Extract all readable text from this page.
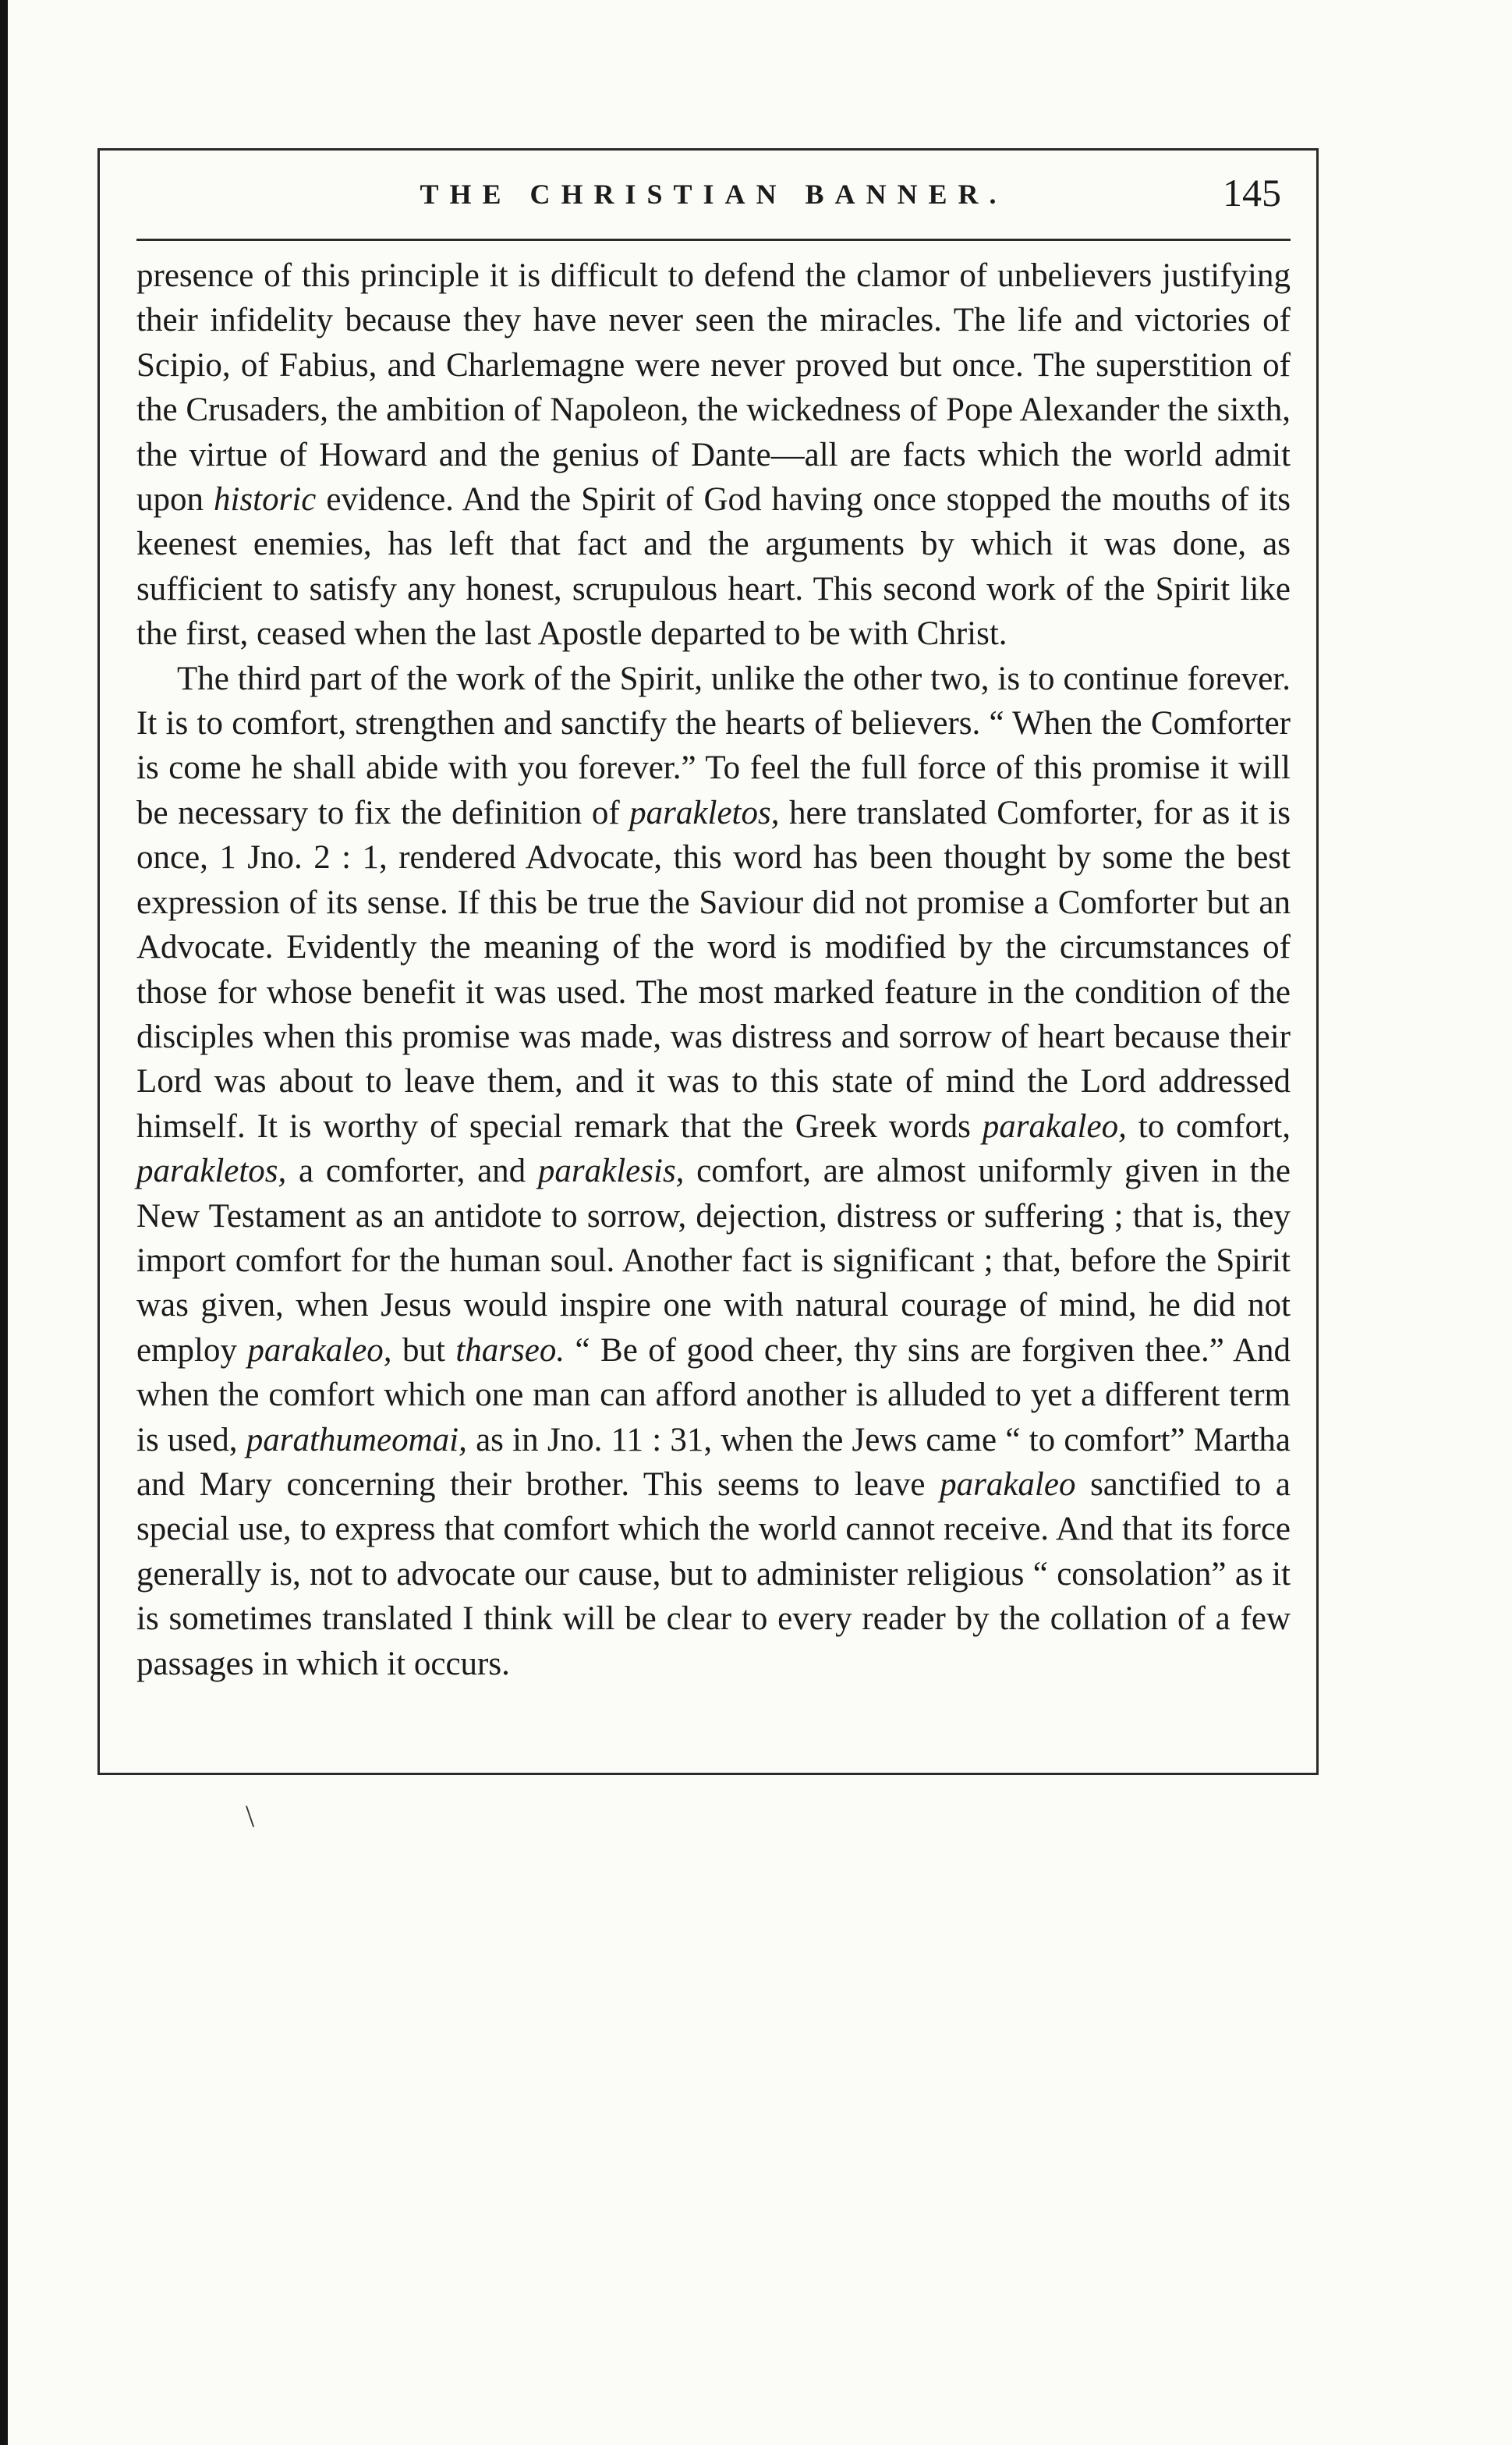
THE CHRISTIAN BANNER.	145

presence of this principle it is difficult to defend the clamor of unbelievers justifying their infidelity because they have never seen the miracles. The life and victories of Scipio, of Fabius, and Charlemagne were never proved but once. The superstition of the Crusaders, the ambition of Napoleon, the wickedness of Pope Alexander the sixth, the virtue of Howard and the genius of Dante—all are facts which the world admit upon historic evidence. And the Spirit of God having once stopped the mouths of its keenest enemies, has left that fact and the arguments by which it was done, as sufficient to satisfy any honest, scrupulous heart. This second work of the Spirit like the first, ceased when the last Apostle departed to be with Christ.

The third part of the work of the Spirit, unlike the other two, is to continue forever. It is to comfort, strengthen and sanctify the hearts of believers. “ When the Comforter is come he shall abide with you forever.” To feel the full force of this promise it will be necessary to fix the definition of parakletos, here translated Comforter, for as it is once, 1 Jno. 2 : 1, rendered Advocate, this word has been thought by some the best expression of its sense. If this be true the Saviour did not promise a Comforter but an Advocate. Evidently the meaning of the word is modified by the circumstances of those for whose benefit it was used. The most marked feature in the condition of the disciples when this promise was made, was distress and sorrow of heart because their Lord was about to leave them, and it was to this state of mind the Lord addressed himself. It is worthy of special remark that the Greek words parakaleo, to comfort, parakletos, a comforter, and paraklesis, comfort, are almost uniformly given in the New Testament as an antidote to sorrow, dejection, distress or suffering ; that is, they import comfort for the human soul. Another fact is significant ; that, before the Spirit was given, when Jesus would inspire one with natural courage of mind, he did not employ parakaleo, but tharseo. “ Be of good cheer, thy sins are forgiven thee.” And when the comfort which one man can afford another is alluded to yet a different term is used, parathumeomai, as in Jno. 11 : 31, when the Jews came “ to comfort” Martha and Mary concerning their brother. This seems to leave parakaleo sanctified to a special use, to express that comfort which the world cannot receive. And that its force generally is, not to advocate our cause, but to administer religious “ consolation” as it is sometimes translated I think will be clear to every reader by the collation of a few passages in which it occurs.

\
